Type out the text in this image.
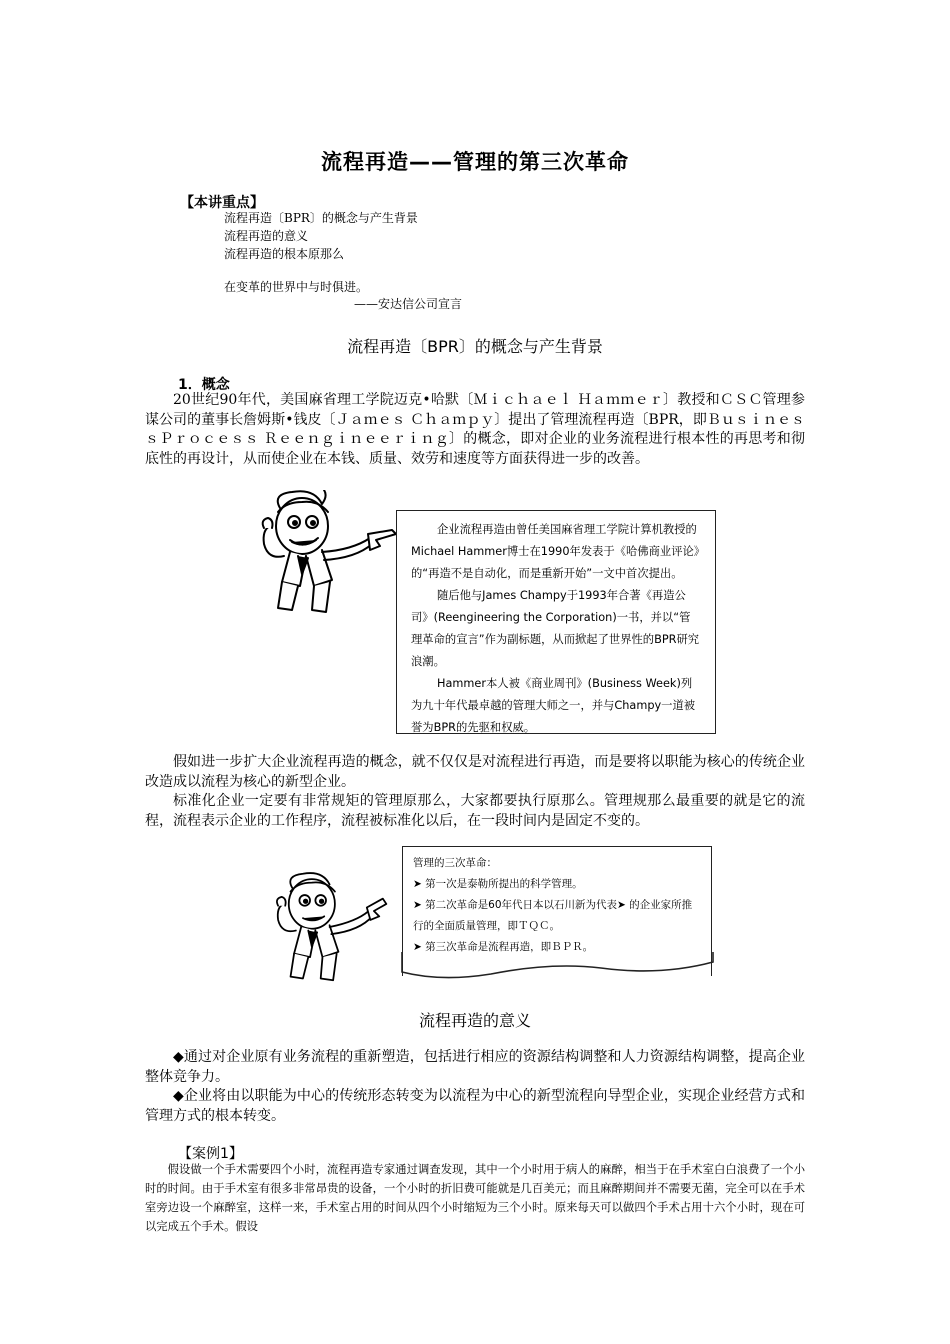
流程再造——管理的第三次革命
【本讲重点】
流程再造〔BPR〕的概念与产生背景
流程再造的意义
流程再造的根本原那么
在变革的世界中与时俱进。
——安达信公司宣言
流程再造〔BPR〕的概念与产生背景
1．概念

20世纪90年代，美国麻省理工学院迈克•哈默〔Ｍｉｃｈａｅｌ Ｈａｍｍｅｒ〕教授和ＣＳＣ管理参谋公司的董事长詹姆斯•钱皮〔Ｊａｍｅｓ Ｃｈａｍｐｙ〕提出了管理流程再造〔BPR，即ＢｕｓｉｎｅｓｓＰｒｏｃｅｓｓ Ｒｅｅｎｇｉｎｅｅｒｉｎｇ〕的概念，即对企业的业务流程进行根本性的再思考和彻底性的再设计，从而使企业在本钱、质量、效劳和速度等方面获得进一步的改善。

企业流程再造由曾任美国麻省理工学院计算机教授的Michael Hammer博士在1990年发表于《哈佛商业评论》的“再造不是自动化，而是重新开始”一文中首次提出。

随后他与James Champy于1993年合著《再造公司》(Reengineering the Corporation)一书，并以“管理革命的宣言”作为副标题，从而掀起了世界性的BPR研究浪潮。

Hammer本人被《商业周刊》(Business Week)列为九十年代最卓越的管理大师之一，并与Champy一道被誉为BPR的先驱和权威。

假如进一步扩大企业流程再造的概念，就不仅仅是对流程进行再造，而是要将以职能为核心的传统企业改造成以流程为核心的新型企业。

标准化企业一定要有非常规矩的管理原那么，大家都要执行原那么。管理规那么最重要的就是它的流程，流程表示企业的工作程序，流程被标准化以后，在一段时间内是固定不变的。

管理的三次革命：
➤ 第一次是泰勒所提出的科学管理。
➤ 第二次革命是60年代日本以石川新为代表➤ 的企业家所推行的全面质量管理，即ＴＱＣ。
➤ 第三次革命是流程再造，即ＢＰＲ。
流程再造的意义
◆通过对企业原有业务流程的重新塑造，包括进行相应的资源结构调整和人力资源结构调整，提高企业整体竞争力。
◆企业将由以职能为中心的传统形态转变为以流程为中心的新型流程向导型企业，实现企业经营方式和管理方式的根本转变。
【案例1】

假设做一个手术需要四个小时，流程再造专家通过调查发现，其中一个小时用于病人的麻醉，相当于在手术室白白浪费了一个小时的时间。由于手术室有很多非常昂贵的设备，一个小时的折旧费可能就是几百美元；而且麻醉期间并不需要无菌，完全可以在手术室旁边设一个麻醉室，这样一来，手术室占用的时间从四个小时缩短为三个小时。原来每天可以做四个手术占用十六个小时，现在可以完成五个手术。假设
